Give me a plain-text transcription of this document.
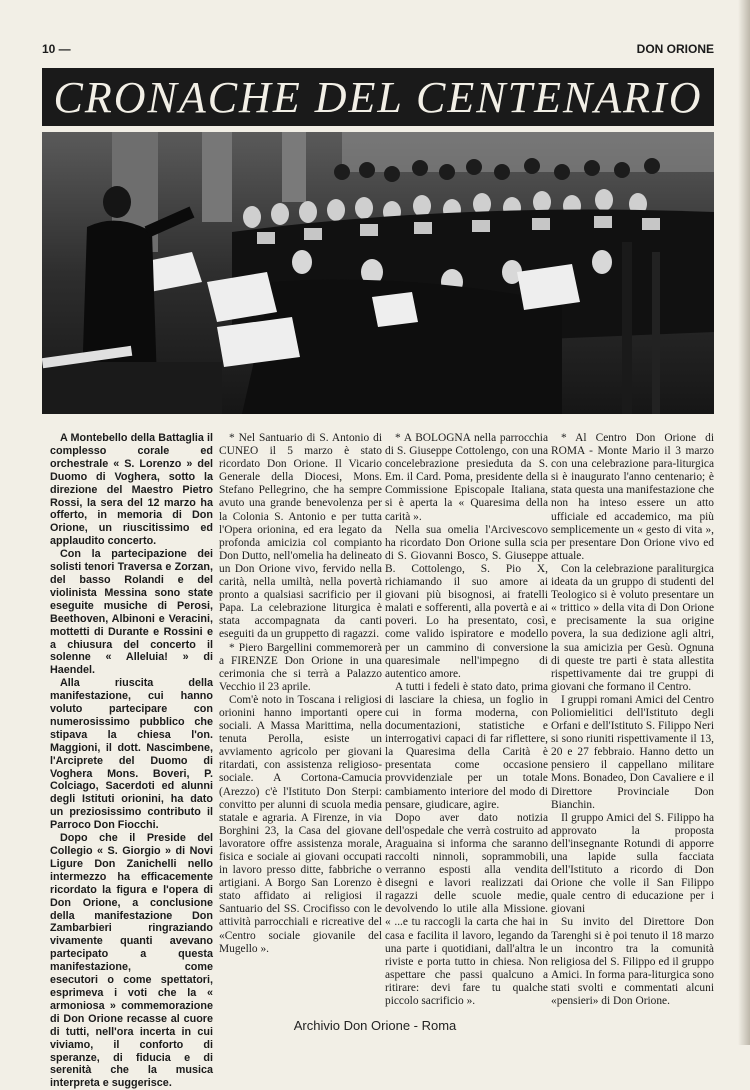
10 —	DON ORIONE
CRONACHE DEL CENTENARIO

A Montebello della Battaglia il complesso corale ed orchestrale « S. Lorenzo » del Duomo di Voghera, sotto la direzione del Maestro Pietro Rossi, la sera del 12 marzo ha offerto, in memoria di Don Orione, un riuscitissimo ed applaudito concerto.

Con la partecipazione dei solisti tenori Traversa e Zorzan, del basso Rolandi e del violinista Messina sono state eseguite musiche di Perosi, Beethoven, Albinoni e Veracini, mottetti di Durante e Rossini e a chiusura del concerto il solenne « Alleluia! » di Haendel.

Alla riuscita della manifestazione, cui hanno voluto partecipare con numerosissimo pubblico che stipava la chiesa l'on. Maggioni, il dott. Nascimbene, l'Arciprete del Duomo di Voghera Mons. Boveri, P. Colciago, Sacerdoti ed alunni degli Istituti orionini, ha dato un preziosissimo contributo il Parroco Don Fiocchi.

Dopo che il Preside del Collegio « S. Giorgio » di Novi Ligure Don Zanichelli nello intermezzo ha efficacemente ricordato la figura e l'opera di Don Orione, a conclusione della manifestazione Don Zambarbieri ringraziando vivamente quanti avevano partecipato a questa manifestazione, come esecutori o come spettatori, esprimeva i voti che la « armoniosa » commemorazione di Don Orione recasse al cuore di tutti, nell'ora incerta in cui viviamo, il conforto di speranze, di fiducia e di serenità che la musica interpreta e suggerisce.

* Nel Santuario di S. Antonio di CUNEO il 5 marzo è stato ricordato Don Orione. Il Vicario Generale della Diocesi, Mons. Stefano Pellegrino, che ha sempre avuto una grande benevolenza per la Colonia S. Antonio e per tutta l'Opera orionina, ed era legato da profonda amicizia col compianto Don Dutto, nell'omelia ha delineato un Don Orione vivo, fervido nella carità, nella umiltà, nella povertà pronto a qualsiasi sacrificio per il Papa. La celebrazione liturgica è stata accompagnata da canti eseguiti da un gruppetto di ragazzi.

* Piero Bargellini commemorerà a FIRENZE Don Orione in una cerimonia che si terrà a Palazzo Vecchio il 23 aprile.

Com'è noto in Toscana i religiosi orionini hanno importanti opere sociali. A Massa Marittima, nella tenuta Perolla, esiste un avviamento agricolo per giovani ritardati, con assistenza religioso-sociale. A Cortona-Camucia (Arezzo) c'è l'Istituto Don Sterpi: convitto per alunni di scuola media statale e agraria. A Firenze, in via Borghini 23, la Casa del giovane lavoratore offre assistenza morale, fisica e sociale ai giovani occupati in lavoro presso ditte, fabbriche o artigiani. A Borgo San Lorenzo è stato affidato ai religiosi il Santuario del SS. Crocifisso con le attività parrocchiali e ricreative del «Centro sociale giovanile del Mugello ».

* A BOLOGNA nella parrocchia di S. Giuseppe Cottolengo, con una concelebrazione presieduta da S. Em. il Card. Poma, presidente della Commissione Episcopale Italiana, si è aperta la « Quaresima della carità ».

Nella sua omelia l'Arcivescovo ha ricordato Don Orione sulla scia di S. Giovanni Bosco, S. Giuseppe B. Cottolengo, S. Pio X, richiamando il suo amore ai giovani più bisognosi, ai fratelli malati e sofferenti, alla povertà e ai poveri. Lo ha presentato, così, come valido ispiratore e modello per un cammino di conversione quaresimale nell'impegno di autentico amore.

A tutti i fedeli è stato dato, prima di lasciare la chiesa, un foglio in cui in forma moderna, con documentazioni, statistiche e interrogativi capaci di far riflettere, la Quaresima della Carità è presentata come occasione provvidenziale per un totale cambiamento interiore del modo di pensare, giudicare, agire.

Dopo aver dato notizia dell'ospedale che verrà costruito ad Araguaina si informa che saranno raccolti ninnoli, soprammobili, verranno esposti alla vendita disegni e lavori realizzati dai ragazzi delle scuole medie, devolvendo lo utile alla Missione. « ...e tu raccogli la carta che hai in casa e facilita il lavoro, legando da una parte i quotidiani, dall'altra le riviste e porta tutto in chiesa. Non aspettare che passi qualcuno a ritirare: devi fare tu qualche piccolo sacrificio ».

* Al Centro Don Orione di ROMA - Monte Mario il 3 marzo con una celebrazione para-liturgica si è inaugurato l'anno centenario; è stata questa una manifestazione che non ha inteso essere un atto ufficiale ed accademico, ma più semplicemente un « gesto di vita », per presentare Don Orione vivo ed attuale.

Con la celebrazione paraliturgica ideata da un gruppo di studenti del Teologico si è voluto presentare un « trittico » della vita di Don Orione e precisamente la sua origine povera, la sua dedizione agli altri, la sua amicizia per Gesù. Ognuna di queste tre parti è stata allestita rispettivamente dai tre gruppi di giovani che formano il Centro.

I gruppi romani Amici del Centro Poliomielitici dell'Istituto degli Orfani e dell'Istituto S. Filippo Neri si sono riuniti rispettivamente il 13, 20 e 27 febbraio. Hanno detto un pensiero il cappellano militare Mons. Bonadeo, Don Cavaliere e il Direttore Provinciale Don Bianchin.

Il gruppo Amici del S. Filippo ha approvato la proposta dell'insegnante Rotundi di apporre una lapide sulla facciata dell'Istituto a ricordo di Don Orione che volle il San Filippo quale centro di educazione per i giovani

Su invito del Direttore Don Tarenghi si è poi tenuto il 18 marzo un incontro tra la comunità religiosa del S. Filippo ed il gruppo Amici. In forma para-liturgica sono stati svolti e commentati alcuni «pensieri» di Don Orione.

Archivio Don Orione - Roma
